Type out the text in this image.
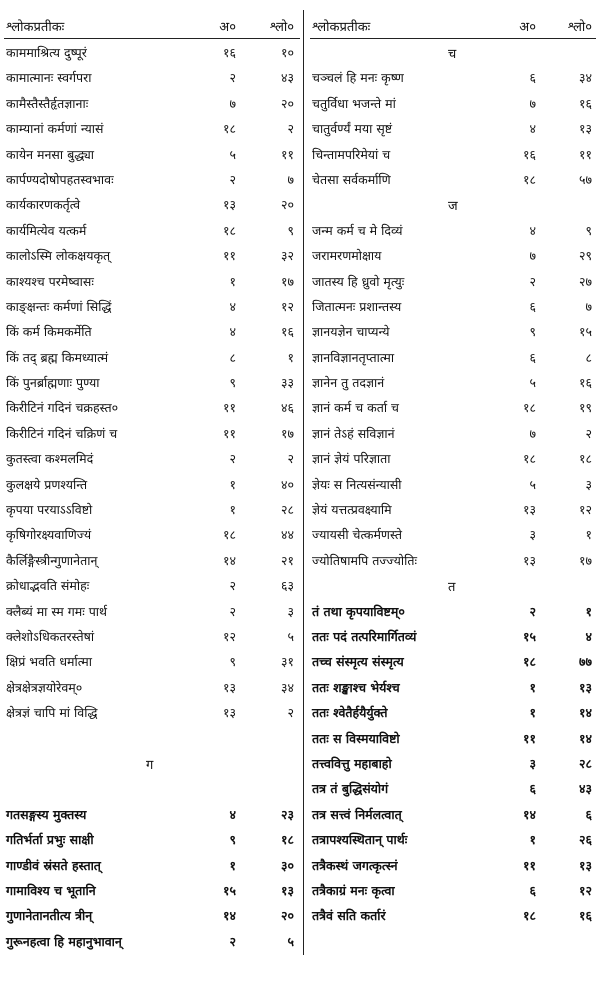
श्लोकप्रतीकः	अ०	श्लो०
काममाश्रित्य दुष्पूरं	१६	१०
कामात्मानः स्वर्गपरा	२	४३
कामैस्तैस्तैर्हृतज्ञानाः	७	२०
काम्यानां कर्मणां न्यासं	१८	२
कायेन मनसा बुद्ध्या	५	११
कार्पण्यदोषोपहतस्वभावः	२	७
कार्यकारणकर्तृत्वे	१३	२०
कार्यमित्येव यत्कर्म	१८	९
कालोऽस्मि लोकक्षयकृत्	११	३२
काश्यश्च परमेष्वासः	१	१७
काङ्क्षन्तः कर्मणां सिद्धिं	४	१२
किं कर्म किमकर्मेति	४	१६
किं तद् ब्रह्म किमध्यात्मं	८	१
किं पुनर्ब्राह्मणाः पुण्या	९	३३
किरीटिनं गदिनं चक्रहस्त०	११	४६
किरीटिनं गदिनं चक्रिणं च	११	१७
कुतस्त्वा कश्मलमिदं	२	२
कुलक्षये प्रणश्यन्ति	१	४०
कृपया परयाऽऽविष्टो	१	२८
कृषिगोरक्ष्यवाणिज्यं	१८	४४
कैर्लिङ्गैस्त्रीन्गुणानेतान्	१४	२१
क्रोधाद्भवति संमोहः	२	६३
क्लैब्यं मा स्म गमः पार्थ	२	३
क्लेशोऽधिकतरस्तेषां	१२	५
क्षिप्रं भवति धर्मात्मा	९	३१
क्षेत्रक्षेत्रज्ञयोरेवम्०	१३	३४
क्षेत्रज्ञं चापि मां विद्धि	१३	२
ग
गतसङ्गस्य मुक्तस्य	४	२३
गतिर्भर्ता प्रभुः साक्षी	९	१८
गाण्डीवं स्रंसते हस्तात्	१	३०
गामाविश्य च भूतानि	१५	१३
गुणानेतानतीत्य त्रीन्	१४	२०
गुरूनहत्वा हि महानुभावान्	२	५
श्लोकप्रतीकः	अ० श्लो०
च
चञ्चलं हि मनः कृष्ण	६	३४
चतुर्विधा भजन्ते मां	७	१६
चातुर्वर्ण्यं मया सृष्टं	४	१३
चिन्तामपरिमेयां च	१६	११
चेतसा सर्वकर्माणि	१८	५७
ज
जन्म कर्म च मे दिव्यं	४	९
जरामरणमोक्षाय	७	२९
जातस्य हि ध्रुवो मृत्युः	२	२७
जितात्मनः प्रशान्तस्य	६	७
ज्ञानयज्ञेन चाप्यन्ये	९	१५
ज्ञानविज्ञानतृप्तात्मा	६	८
ज्ञानेन तु तदज्ञानं	५	१६
ज्ञानं कर्म च कर्ता च	१८	१९
ज्ञानं तेऽहं सविज्ञानं	७	२
ज्ञानं ज्ञेयं परिज्ञाता	१८	१८
ज्ञेयः स नित्यसंन्यासी	५	३
ज्ञेयं यत्तत्प्रवक्ष्यामि	१३	१२
ज्यायसी चेत्कर्मणस्ते	३	१
ज्योतिषामपि तज्ज्योतिः	१३	१७
त
तं तथा कृपयाविष्टम्०	२	१
ततः पदं तत्परिमार्गितव्यं	१५	४
तच्च संस्मृत्य संस्मृत्य	१८	७७
ततः शङ्खाश्च भेर्यश्च	१	१३
ततः श्वेतैर्हयैर्युक्ते	१	१४
ततः स विस्मयाविष्टो	११	१४
तत्त्ववित्तु महाबाहो	३	२८
तत्र तं बुद्धिसंयोगं	६	४३
तत्र सत्त्वं निर्मलत्वात्	१४	६
तत्रापश्यस्थितान् पार्थः	१	२६
तत्रैकस्थं जगत्कृत्स्नं	११	१३
तत्रैकाग्रं मनः कृत्वा	६	१२
तत्रैवं सति कर्तारं	१८	१६
